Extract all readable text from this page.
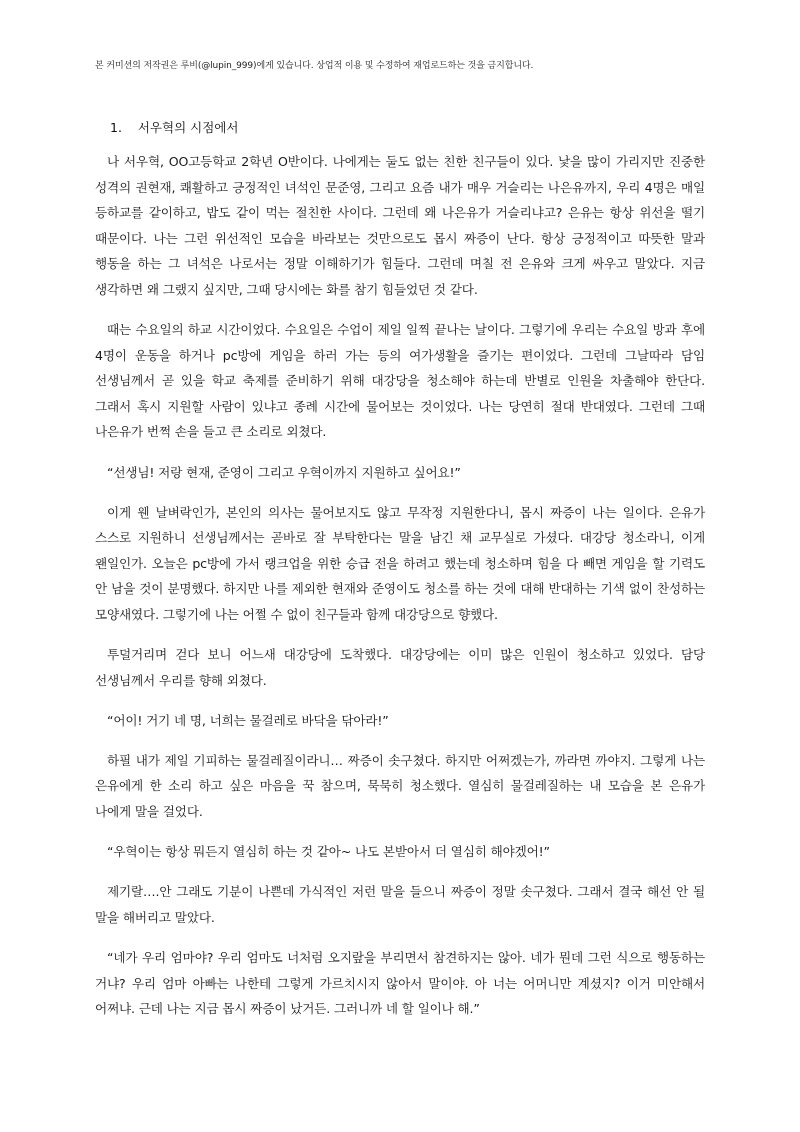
본 커미션의 저작권은 루비(@lupin_999)에게 있습니다. 상업적 이용 및 수정하여 재업로드하는 것을 금지합니다.
1. 서우혁의 시점에서

나 서우혁, OO고등학교 2학년 O반이다. 나에게는 둘도 없는 친한 친구들이 있다. 낯을 많이 가리지만 진중한 성격의 권현재, 쾌활하고 긍정적인 녀석인 문준영, 그리고 요즘 내가 매우 거슬리는 나은유까지, 우리 4명은 매일 등하교를 같이하고, 밥도 같이 먹는 절친한 사이다. 그런데 왜 나은유가 거슬리냐고? 은유는 항상 위선을 떨기 때문이다. 나는 그런 위선적인 모습을 바라보는 것만으로도 몹시 짜증이 난다. 항상 긍정적이고 따뜻한 말과 행동을 하는 그 녀석은 나로서는 정말 이해하기가 힘들다. 그런데 며칠 전 은유와 크게 싸우고 말았다. 지금 생각하면 왜 그랬지 싶지만, 그때 당시에는 화를 참기 힘들었던 것 같다.

때는 수요일의 하교 시간이었다. 수요일은 수업이 제일 일찍 끝나는 날이다. 그렇기에 우리는 수요일 방과 후에 4명이 운동을 하거나 pc방에 게임을 하러 가는 등의 여가생활을 즐기는 편이었다. 그런데 그날따라 담임 선생님께서 곧 있을 학교 축제를 준비하기 위해 대강당을 청소해야 하는데 반별로 인원을 차출해야 한단다. 그래서 혹시 지원할 사람이 있냐고 종례 시간에 물어보는 것이었다. 나는 당연히 절대 반대였다. 그런데 그때 나은유가 번쩍 손을 들고 큰 소리로 외쳤다.

“선생님! 저랑 현재, 준영이 그리고 우혁이까지 지원하고 싶어요!”

이게 웬 날벼락인가, 본인의 의사는 물어보지도 않고 무작정 지원한다니, 몹시 짜증이 나는 일이다. 은유가 스스로 지원하니 선생님께서는 곧바로 잘 부탁한다는 말을 남긴 채 교무실로 가셨다. 대강당 청소라니, 이게 왠일인가. 오늘은 pc방에 가서 랭크업을 위한 승급 전을 하려고 했는데 청소하며 힘을 다 빼면 게임을 할 기력도 안 남을 것이 분명했다. 하지만 나를 제외한 현재와 준영이도 청소를 하는 것에 대해 반대하는 기색 없이 찬성하는 모양새였다. 그렇기에 나는 어쩔 수 없이 친구들과 함께 대강당으로 향했다.

투덜거리며 걷다 보니 어느새 대강당에 도착했다. 대강당에는 이미 많은 인원이 청소하고 있었다. 담당 선생님께서 우리를 향해 외쳤다.

“어이! 거기 네 명, 너희는 물걸레로 바닥을 닦아라!”

하필 내가 제일 기피하는 물걸레질이라니… 짜증이 솟구쳤다. 하지만 어쩌겠는가, 까라면 까야지. 그렇게 나는 은유에게 한 소리 하고 싶은 마음을 꾹 참으며, 묵묵히 청소했다. 열심히 물걸레질하는 내 모습을 본 은유가 나에게 말을 걸었다.

“우혁이는 항상 뭐든지 열심히 하는 것 같아~ 나도 본받아서 더 열심히 해야겠어!”

제기랄….안 그래도 기분이 나쁜데 가식적인 저런 말을 들으니 짜증이 정말 솟구쳤다. 그래서 결국 해선 안 될 말을 해버리고 말았다.

“네가 우리 엄마야? 우리 엄마도 너처럼 오지랖을 부리면서 참견하지는 않아. 네가 뭔데 그런 식으로 행동하는 거냐? 우리 엄마 아빠는 나한테 그렇게 가르치시지 않아서 말이야. 아 너는 어머니만 계셨지? 이거 미안해서 어쩌냐. 근데 나는 지금 몹시 짜증이 났거든. 그러니까 네 할 일이나 해.”
